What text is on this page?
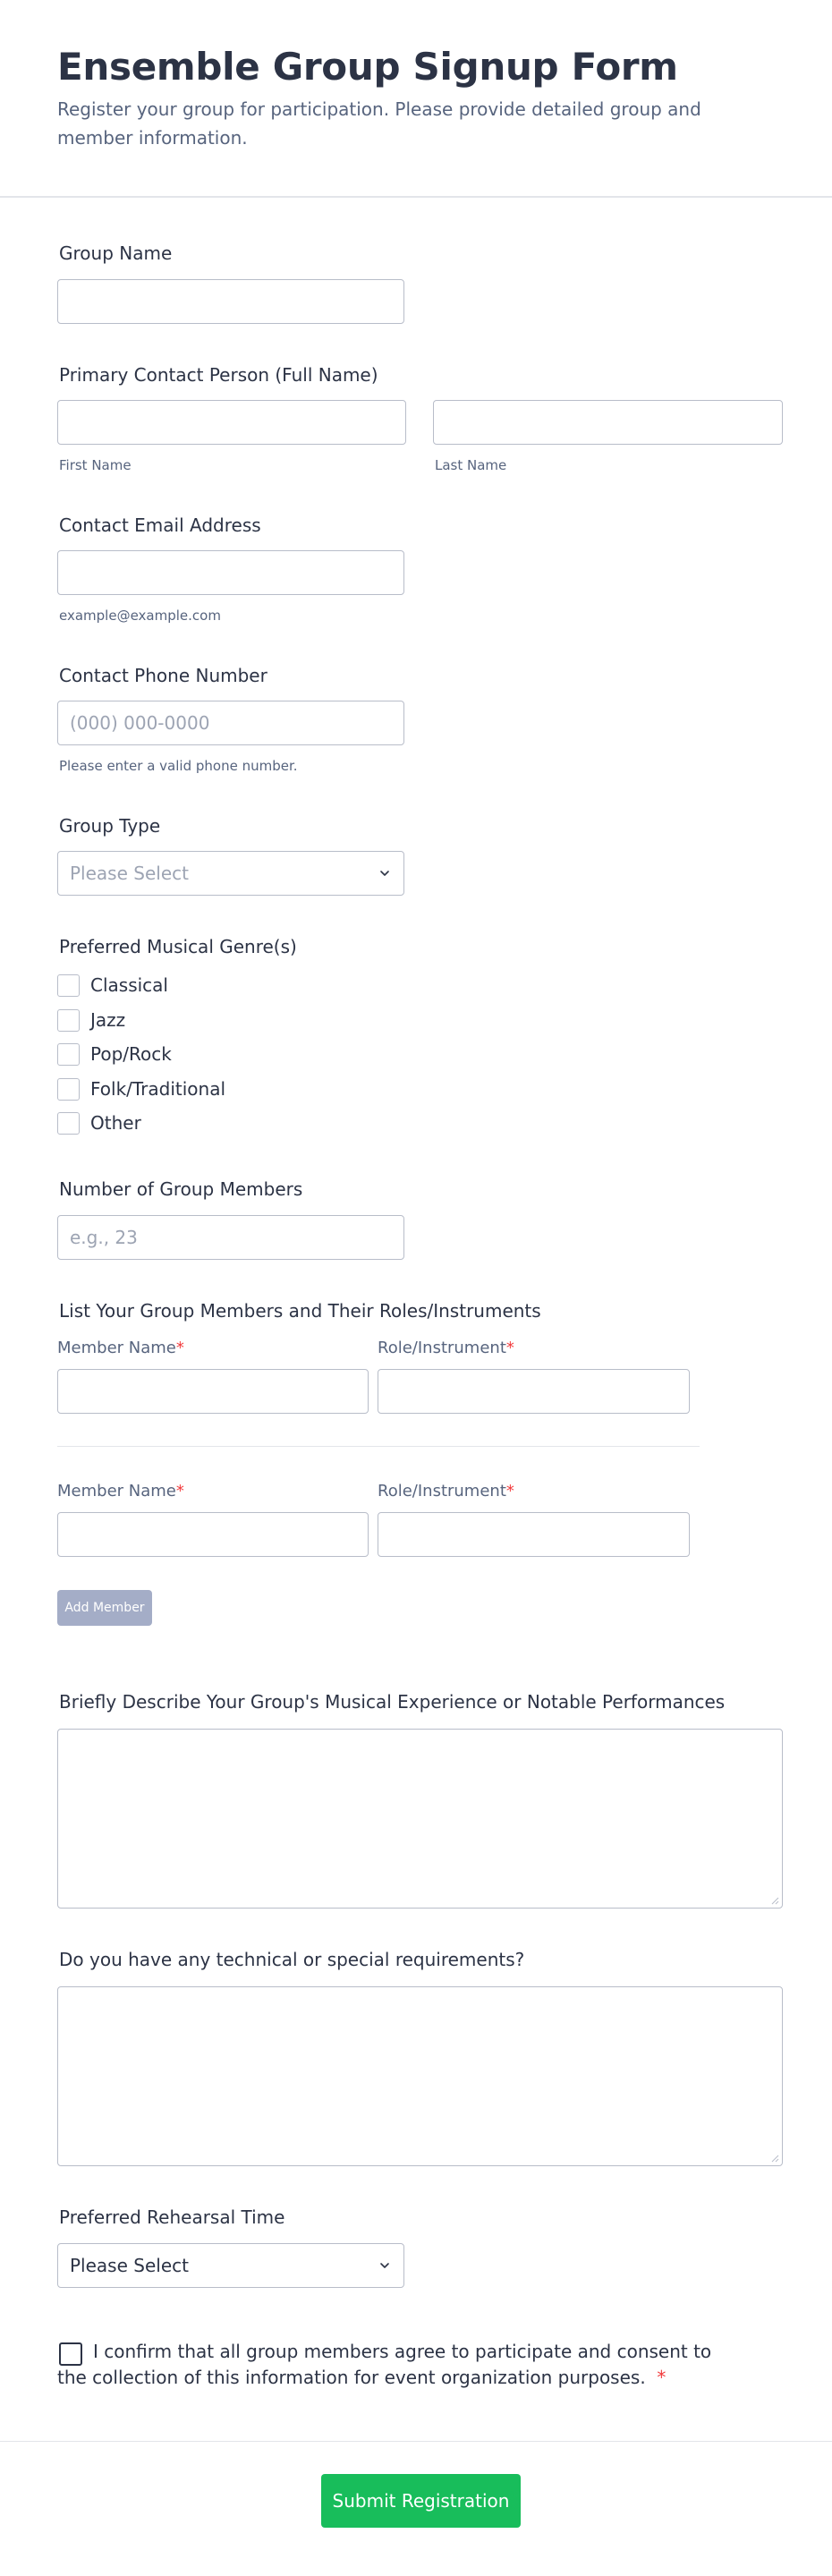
Ensemble Group Signup Form
Register your group for participation. Please provide detailed group and member information.
Group Name
Primary Contact Person (Full Name)
First Name	Last Name
Contact Email Address
example@example.com
Contact Phone Number
(000) 000-0000
Please enter a valid phone number.
Group Type
Please Select
Preferred Musical Genre(s)
Classical
Jazz
Pop/Rock
Folk/Traditional
Other
Number of Group Members
e.g., 23
List Your Group Members and Their Roles/Instruments
Member Name*	Role/Instrument*
Member Name*	Role/Instrument*
Add Member
Briefly Describe Your Group's Musical Experience or Notable Performances
Do you have any technical or special requirements?
Preferred Rehearsal Time
Please Select
I confirm that all group members agree to participate and consent to the collection of this information for event organization purposes. *
Submit Registration
